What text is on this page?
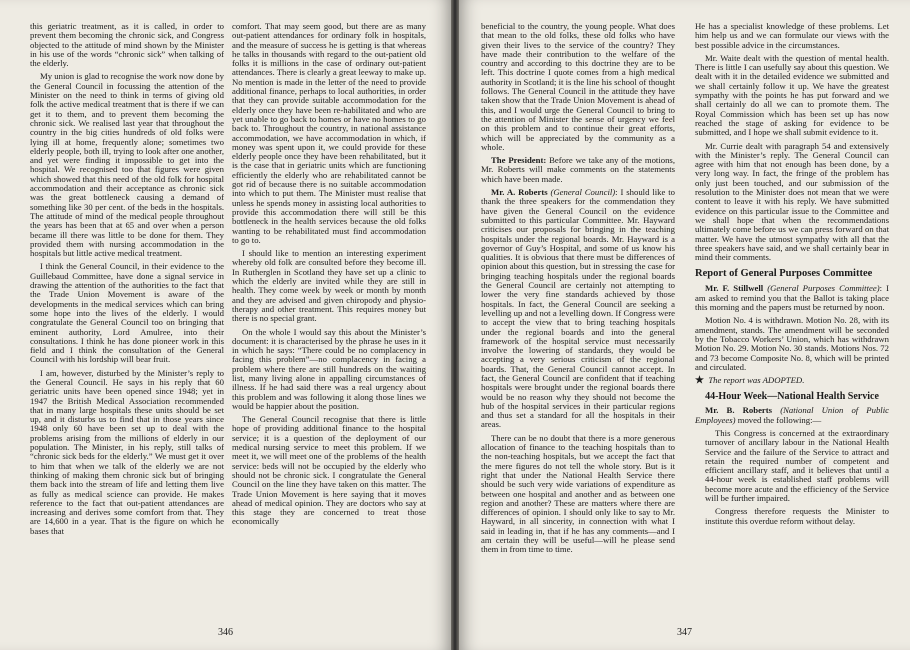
this geriatric treatment, as it is called, in order to prevent them becoming the chronic sick, and Congress objected to the attitude of mind shown by the Minister in his use of the words “chronic sick” when talking of the elderly.

My union is glad to recognise the work now done by the General Council in focussing the attention of the Minister on the need to think in terms of giving old folk the active medical treatment that is there if we can get it to them, and to prevent them becoming the chronic sick. We realised last year that throughout the country in the big cities hundreds of old folks were lying ill at home, frequently alone; sometimes two elderly people, both ill, trying to look after one another, and yet were finding it impossible to get into the hospital. We recognised too that figures were given which showed that this need of the old folk for hospital accommodation and their acceptance as chronic sick was the great bottleneck causing a demand of something like 30 per cent. of the beds in the hospitals. The attitude of mind of the medical people throughout the years has been that at 65 and over when a person became ill there was little to be done for them. They provided them with nursing accommodation in the hospitals but little active medical treatment.

I think the General Council, in their evidence to the Guillebaud Committee, have done a signal service in drawing the attention of the authorities to the fact that the Trade Union Movement is aware of the developments in the medical services which can bring some hope into the lives of the elderly. I would congratulate the General Council too on bringing that eminent authority, Lord Amulree, into their consultations. I think he has done pioneer work in this field and I think the consultation of the General Council with his lordship will bear fruit.

I am, however, disturbed by the Minister’s reply to the General Council. He says in his reply that 60 geriatric units have been opened since 1948; yet in 1947 the British Medical Association recommended that in many large hospitals these units should be set up, and it disturbs us to find that in those years since 1948 only 60 have been set up to deal with the problems arising from the millions of elderly in our population. The Minister, in his reply, still talks of “chronic sick beds for the elderly.” We must get it over to him that when we talk of the elderly we are not thinking of making them chronic sick but of bringing them back into the stream of life and letting them live as fully as medical science can provide. He makes reference to the fact that out-patient attendances are increasing and derives some comfort from that. They are 14,600 in a year. That is the figure on which he bases that

comfort. That may seem good, but there are as many out-patient attendances for ordinary folk in hospitals, and the measure of success he is getting is that whereas he talks in thousands with regard to the out-patient old folks it is millions in the case of ordinary out-patient attendances. There is clearly a great leeway to make up. No mention is made in the letter of the need to provide additional finance, perhaps to local authorities, in order that they can provide suitable accommodation for the elderly once they have been re-habilitated and who are yet unable to go back to homes or have no homes to go back to. Throughout the country, in national assistance accommodation, we have accommodation in which, if money was spent upon it, we could provide for these elderly people once they have been rehabilitated, but it is the case that in geriatric units which are functioning efficiently the elderly who are rehabilitated cannot be got rid of because there is no suitable accommodation into which to put them. The Minister must realise that unless he spends money in assisting local authorities to provide this accommodation there will still be this bottleneck in the health services because the old folks wanting to be rehabilitated must find accommodation to go to.

I should like to mention an interesting experiment whereby old folk are consulted before they become ill. In Rutherglen in Scotland they have set up a clinic to which the elderly are invited while they are still in health. They come week by week or month by month and they are advised and given chiropody and physio-therapy and other treatment. This requires money but there is no special grant.

On the whole I would say this about the Minister’s document: it is characterised by the phrase he uses in it in which he says: “There could be no complacency in facing this problem”—no complacency in facing a problem where there are still hundreds on the waiting list, many living alone in appalling circumstances of illness. If he had said there was a real urgency about this problem and was following it along those lines we would be happier about the position.

The General Council recognise that there is little hope of providing additional finance to the hospital service; it is a question of the deployment of our medical nursing service to meet this problem. If we meet it, we will meet one of the problems of the health service: beds will not be occupied by the elderly who should not be chronic sick. I congratulate the General Council on the line they have taken on this matter. The Trade Union Movement is here saying that it moves ahead of medical opinion. They are doctors who say at this stage they are concerned to treat those economically

346

beneficial to the country, the young people. What does that mean to the old folks, these old folks who have given their lives to the service of the country? They have made their contribution to the welfare of the country and according to this doctrine they are to be left. This doctrine I quote comes from a high medical authority in Scotland; it is the line his school of thought follows. The General Council in the attitude they have taken show that the Trade Union Movement is ahead of this, and I would urge the General Council to bring to the attention of Minister the sense of urgency we feel on this problem and to continue their great efforts, which will be appreciated by the community as a whole.

The President: Before we take any of the motions, Mr. Roberts will make comments on the statements which have been made.

Mr. A. Roberts (General Council): I should like to thank the three speakers for the commendation they have given the General Council on the evidence submitted to this particular Committee. Mr. Hayward criticises our proposals for bringing in the teaching hospitals under the regional boards. Mr. Hayward is a governor of Guy’s Hospital, and some of us know his qualities. It is obvious that there must be differences of opinion about this question, but in stressing the case for bringing teaching hospitals under the regional boards the General Council are certainly not attempting to lower the very fine standards achieved by those hospitals. In fact, the General Council are seeking a levelling up and not a levelling down. If Congress were to accept the view that to bring teaching hospitals under the regional boards and into the general framework of the hospital service must necessarily involve the lowering of standards, they would be accepting a very serious criticism of the regional boards. That, the General Council cannot accept. In fact, the General Council are confident that if teaching hospitals were brought under the regional boards there would be no reason why they should not become the hub of the hospital services in their particular regions and thus set a standard for all the hospitals in their areas.

There can be no doubt that there is a more generous allocation of finance to the teaching hospitals than to the non-teaching hospitals, but we accept the fact that the mere figures do not tell the whole story. But is it right that under the National Health Service there should be such very wide variations of expenditure as between one hospital and another and as between one region and another? These are matters where there are differences of opinion. I should only like to say to Mr. Hayward, in all sincerity, in connection with what I said in leading in, that if he has any comments—and I am certain they will be useful—will he please send them in from time to time.

He has a specialist knowledge of these problems. Let him help us and we can formulate our views with the best possible advice in the circumstances.

Mr. Waite dealt with the question of mental health. There is little I can usefully say about this question. We dealt with it in the detailed evidence we submitted and we shall certainly follow it up. We have the greatest sympathy with the points he has put forward and we shall certainly do all we can to promote them. The Royal Commission which has been set up has now reached the stage of asking for evidence to be submitted, and I hope we shall submit evidence to it.

Mr. Currie dealt with paragraph 54 and extensively with the Minister’s reply. The General Council can agree with him that not enough has been done, by a very long way. In fact, the fringe of the problem has only just been touched, and our submission of the resolution to the Minister does not mean that we were content to leave it with his reply. We have submitted evidence on this particular issue to the Committee and we shall hope that when the recommendations ultimately come before us we can press forward on that matter. We have the utmost sympathy with all that the three speakers have said, and we shall certainly bear in mind their comments.

Report of General Purposes Committee

Mr. F. Stillwell (General Purposes Committee): I am asked to remind you that the Ballot is taking place this morning and the papers must be returned by noon.

Motion No. 4 is withdrawn. Motion No. 28, with its amendment, stands. The amendment will be seconded by the Tobacco Workers’ Union, which has withdrawn Motion No. 29. Motion No. 30 stands. Motions Nos. 72 and 73 become Composite No. 8, which will be printed and circulated.

★ The report was ADOPTED.

44-Hour Week—National Health Service

Mr. B. Roberts (National Union of Public Employees) moved the following:—

This Congress is concerned at the extraordinary turnover of ancillary labour in the National Health Service and the failure of the Service to attract and retain the required number of competent and efficient ancillary staff, and it believes that until a 44-hour week is established staff problems will become more acute and the efficiency of the Service will be further impaired.
Congress therefore requests the Minister to institute this overdue reform without delay.
347
